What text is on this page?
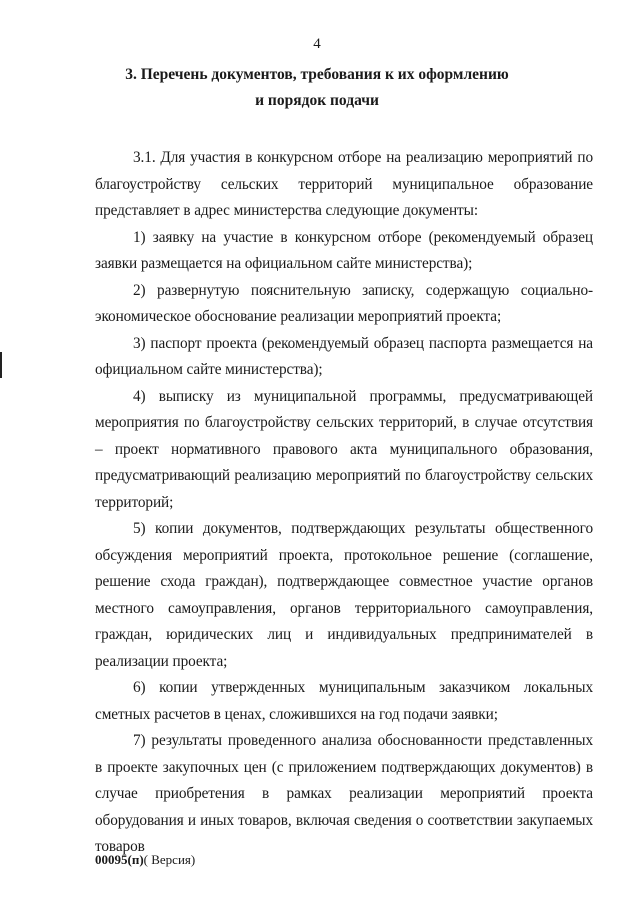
4
3. Перечень документов, требования к их оформлению
и порядок подачи

3.1. Для участия в конкурсном отборе на реализацию мероприятий по благоустройству сельских территорий муниципальное образование представляет в адрес министерства следующие документы:

1) заявку на участие в конкурсном отборе (рекомендуемый образец заявки размещается на официальном сайте министерства);

2) развернутую пояснительную записку, содержащую социально-экономическое обоснование реализации мероприятий проекта;

3) паспорт проекта (рекомендуемый образец паспорта размещается на официальном сайте министерства);

4) выписку из муниципальной программы, предусматривающей мероприятия по благоустройству сельских территорий, в случае отсутствия – проект нормативного правового акта муниципального образования, предусматривающий реализацию мероприятий по благоустройству сельских территорий;

5) копии документов, подтверждающих результаты общественного обсуждения мероприятий проекта, протокольное решение (соглашение, решение схода граждан), подтверждающее совместное участие органов местного самоуправления, органов территориального самоуправления, граждан, юридических лиц и индивидуальных предпринимателей в реализации проекта;

6) копии утвержденных муниципальным заказчиком локальных сметных расчетов в ценах, сложившихся на год подачи заявки;

7) результаты проведенного анализа обоснованности представленных в проекте закупочных цен (с приложением подтверждающих документов) в случае приобретения в рамках реализации мероприятий проекта оборудования и иных товаров, включая сведения о соответствии закупаемых товаров

00095(п)( Версия)
